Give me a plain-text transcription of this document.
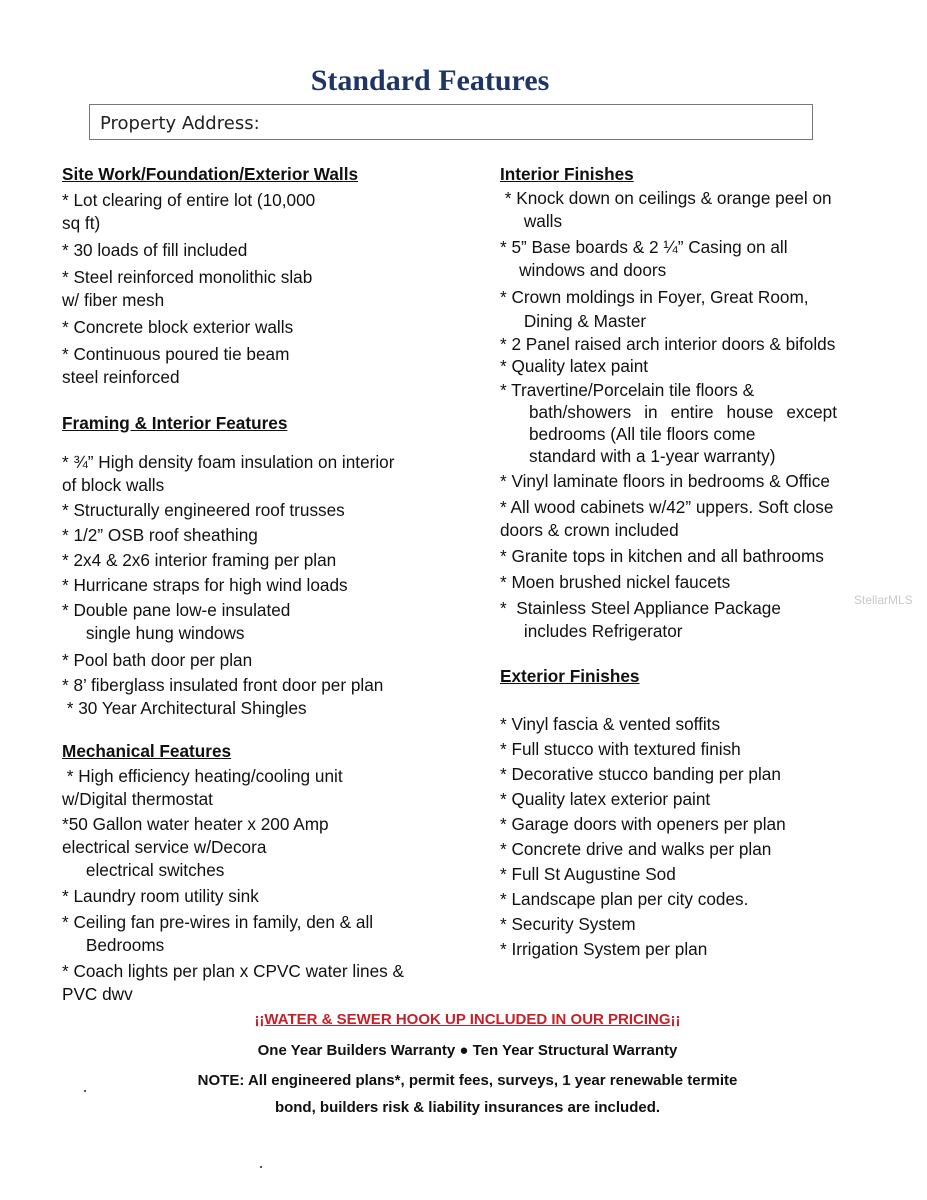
Standard Features
Property Address:
Site Work/Foundation/Exterior Walls
* Lot clearing of entire lot (10,000
sq ft)
* 30 loads of fill included
* Steel reinforced monolithic slab
w/ fiber mesh
* Concrete block exterior walls
* Continuous poured tie beam
steel reinforced
Framing & Interior Features
* ¾” High density foam insulation on interior
of block walls
* Structurally engineered roof trusses
* 1/2” OSB roof sheathing
* 2x4 & 2x6 interior framing per plan
* Hurricane straps for high wind loads
* Double pane low-e insulated
single hung windows
* Pool bath door per plan
* 8’ fiberglass insulated front door per plan
* 30 Year Architectural Shingles
Mechanical Features
* High efficiency heating/cooling unit
w/Digital thermostat
*50 Gallon water heater x 200 Amp
electrical service w/Decora
electrical switches
* Laundry room utility sink
* Ceiling fan pre-wires in family, den & all
Bedrooms
* Coach lights per plan x CPVC water lines &
PVC dwv
Interior Finishes
* Knock down on ceilings & orange peel on
walls
* 5” Base boards & 2 ¼” Casing on all
windows and doors
* Crown moldings in Foyer, Great Room,
Dining & Master
* 2 Panel raised arch interior doors & bifolds
* Quality latex paint
* Travertine/Porcelain tile floors &
bath/showers in entire house except bedrooms (All tile floors come
standard with a 1-year warranty)
* Vinyl laminate floors in bedrooms & Office
* All wood cabinets w/42” uppers. Soft close
doors & crown included
* Granite tops in kitchen and all bathrooms
* Moen brushed nickel faucets
*  Stainless Steel Appliance Package
includes Refrigerator
Exterior Finishes
* Vinyl fascia & vented soffits
* Full stucco with textured finish
* Decorative stucco banding per plan
* Quality latex exterior paint
* Garage doors with openers per plan
* Concrete drive and walks per plan
* Full St Augustine Sod
* Landscape plan per city codes.
* Security System
* Irrigation System per plan
StellarMLS
¡¡WATER & SEWER HOOK UP INCLUDED IN OUR PRICING¡¡
One Year Builders Warranty ● Ten Year Structural Warranty
NOTE: All engineered plans*, permit fees, surveys, 1 year renewable termite
bond, builders risk & liability insurances are included.
